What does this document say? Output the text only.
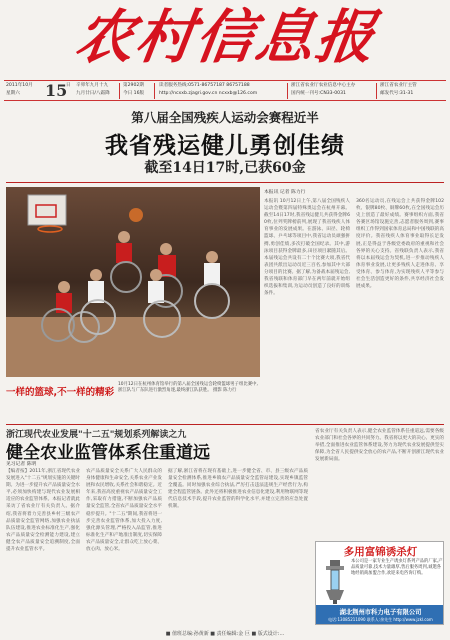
农村信息报
2011年10月 15
日
星期六
辛卯年九月十九
九月廿日/八霜降
第2902期
今日 16版
读者服务热线:0571-86757187 86757188
http://ncxxb.zjagri.gov.cn ncxxb@126.com
浙江省农业厅农业信息中心主办
国内统一刊号:CN33-0031
浙江省农业厅主管
邮发代号:31-31
第八届全国残疾人运动会赛程近半
我省残运健儿勇创佳绩
截至14日17时,已获60金
一样的篮球,不一样的精彩
10月12日在杭州体育馆举行的第八届全国残运会轮椅篮球男子组比赛中,浙江队与广东队进行激烈角逐,最终浙江队获胜。 摄影 陈力行
本报讯 记者 陈力行
本报讯 10月12日上午,第八届全国残疾人运动会暨第四届特殊奥运会在杭州开幕。截至14日17时,我省残运健儿共获得金牌60枚,位列奖牌榜前列,展现了我省残疾人体育事业的发展成果。在游泳、田径、轮椅篮球、乒乓球等项目中,我省运动员顽强拼搏,勇创佳绩,多次打破全国纪录。其中,游泳项目获得金牌最多,田径项目紧随其后。本届残运会共设有二十个比赛大项,我省代表团共派出运动员近三百名,参加其中大部分项目的比赛。据了解,为备战本届残运会,我省残联和体育部门早在两年前就开始组织选拔和集训,为运动员创造了良好的训练条件。
360名运动员,在残运会上共获得金牌102枚、银牌80枚、铜牌60枚,在全国残运会历史上创造了最好成绩。赛事组织方面,我省各赛区场馆设施完善,志愿者服务周到,赛事组织工作得到国家体育总局和中国残联的高度评价。我省残疾人体育事业取得长足发展,正是得益于各级党委政府的重视和社会各界的关心支持。省残联负责人表示,我省将以本届残运会为契机,进一步推动残疾人体育事业发展,让更多残疾人走进体育、享受体育、参与体育,为实现残疾人平等参与社会生活创造更好的条件,共享经济社会发展成果。
浙江现代农业发展"十二五"规划系列解读之九
健全农业监管体系住重道远
见习记者 陈明
【编者按】2011年,浙江省现代农业发展进入"十二五"规划实施的关键时期。为进一步提升农产品质量安全水平,必须加快构建与现代农业发展相适应的农业监管体系。本报记者就此采访了省农业厅有关负责人。据介绍,我省将着力完善县乡村三级农产品质量安全监管网络,加强农业执法队伍建设,推进农业标准化生产,强化农产品质量安全检测能力建设,建立健全农产品质量安全追溯制度,全面提升农业监管水平。
农产品质量安全关系广大人民群众的身体健康和生命安全,关系农业产业发展和农民增收,关系社会和谐稳定。近年来,我省高度重视农产品质量安全工作,采取有力措施,不断加强农产品质量安全监管,全省农产品质量安全水平稳步提升。"十二五"期间,我省将进一步完善农业监管体系,加大投入力度,强化源头管理,严格投入品监管,推进标准化生产和产地准出制度,切实保障农产品质量安全,让群众吃上放心菜、放心肉、放心米。
据了解,浙江省将在现有基础上,进一步健全省、市、县三级农产品质量安全检测体系,推进乡镇农产品质量安全监管站建设,实现乡镇监管全覆盖。同时加强农业综合执法,严厉打击违法违规生产经营行为,构建全程监管链条。此外还将积极推进农业信息化建设,利用物联网等现代信息技术手段,提升农业监管的科学化水平,并建立完善的应急处置机制。
省农业厅有关负责人表示,健全农业监管体系任重道远,需要各级农业部门和社会各界的共同努力。我省将以更大的决心、更实的举措,全面推进农业监管体系建设,努力为现代农业发展提供坚实保障,为全省人民提供安全放心的农产品,不断开创浙江现代农业发展新局面。
多用富锦诱杀灯
本公司是一家专业生产诱虫灯系列产品的厂家,产品质量可靠,技术力量雄厚,售后服务周到,诚邀各地经销商加盟合作,欢迎来电咨询订购。
湖北荆州市科力电子有限公司
电话:13085211090 联系人:余先生 http://www.jzkl.com
■ 值班总编:孙黄新 ■ 责任编辑:金 巨 ■ 版式设计:...
